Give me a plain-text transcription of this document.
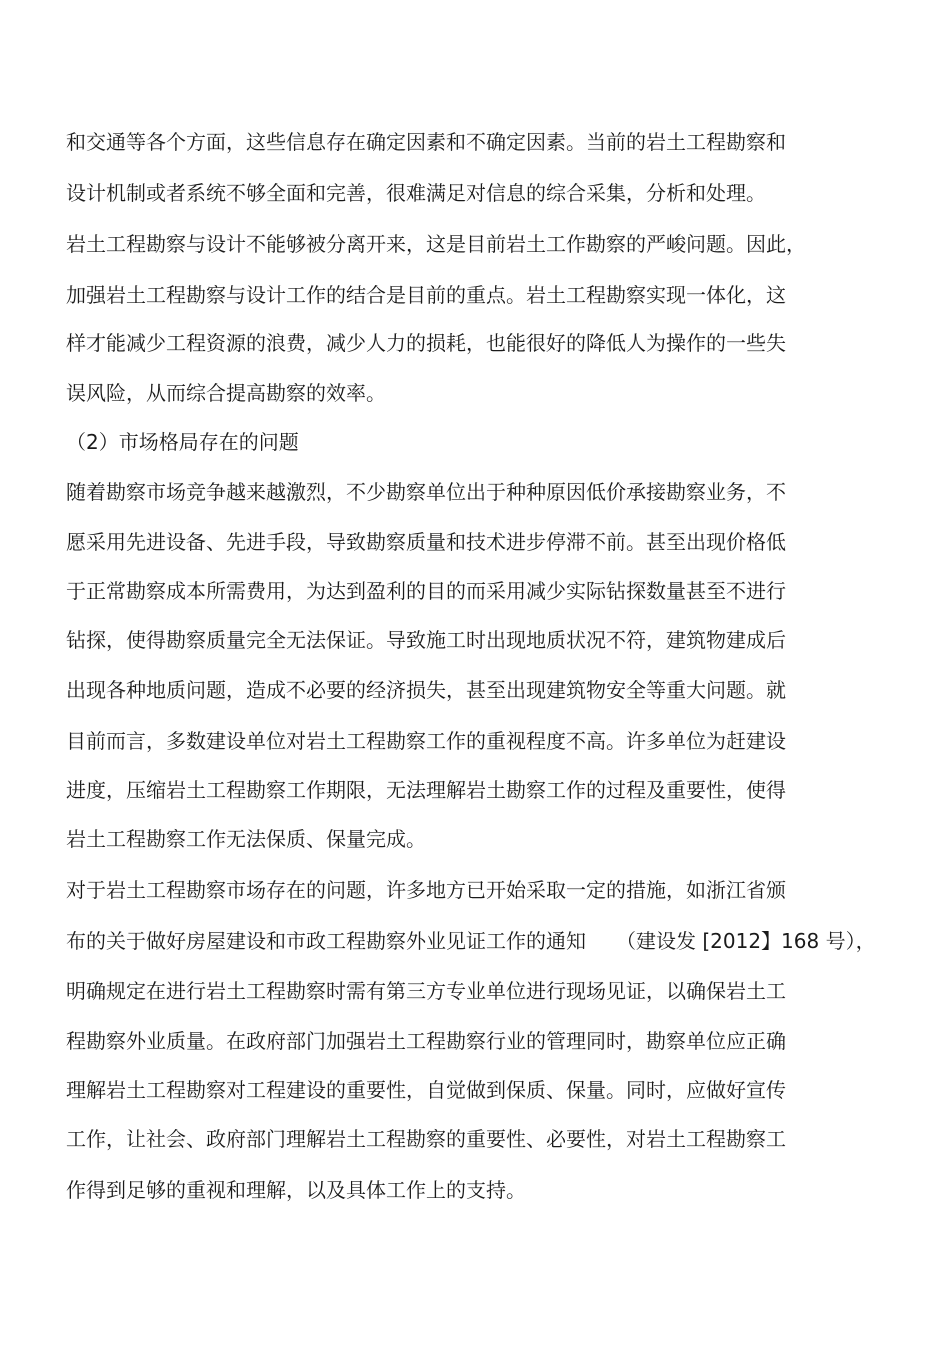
和交通等各个方面，这些信息存在确定因素和不确定因素。当前的岩土工程勘察和
设计机制或者系统不够全面和完善，很难满足对信息的综合采集，分析和处理。
岩土工程勘察与设计不能够被分离开来，这是目前岩土工作勘察的严峻问题。因此，
加强岩土工程勘察与设计工作的结合是目前的重点。岩土工程勘察实现一体化，这
样才能减少工程资源的浪费，减少人力的损耗，也能很好的降低人为操作的一些失
误风险，从而综合提高勘察的效率。
（2）市场格局存在的问题
随着勘察市场竞争越来越激烈，不少勘察单位出于种种原因低价承接勘察业务，不
愿采用先进设备、先进手段，导致勘察质量和技术进步停滞不前。甚至出现价格低
于正常勘察成本所需费用，为达到盈利的目的而采用减少实际钻探数量甚至不进行
钻探，使得勘察质量完全无法保证。导致施工时出现地质状况不符，建筑物建成后
出现各种地质问题，造成不必要的经济损失，甚至出现建筑物安全等重大问题。就
目前而言，多数建设单位对岩土工程勘察工作的重视程度不高。许多单位为赶建设
进度，压缩岩土工程勘察工作期限，无法理解岩土勘察工作的过程及重要性，使得
岩土工程勘察工作无法保质、保量完成。
对于岩土工程勘察市场存在的问题，许多地方已开始采取一定的措施，如浙江省颁
布的关于做好房屋建设和市政工程勘察外业见证工作的通知　　（建设发 [2012】168 号），
明确规定在进行岩土工程勘察时需有第三方专业单位进行现场见证，以确保岩土工
程勘察外业质量。在政府部门加强岩土工程勘察行业的管理同时，勘察单位应正确
理解岩土工程勘察对工程建设的重要性，自觉做到保质、保量。同时，应做好宣传
工作，让社会、政府部门理解岩土工程勘察的重要性、必要性，对岩土工程勘察工
作得到足够的重视和理解，以及具体工作上的支持。
